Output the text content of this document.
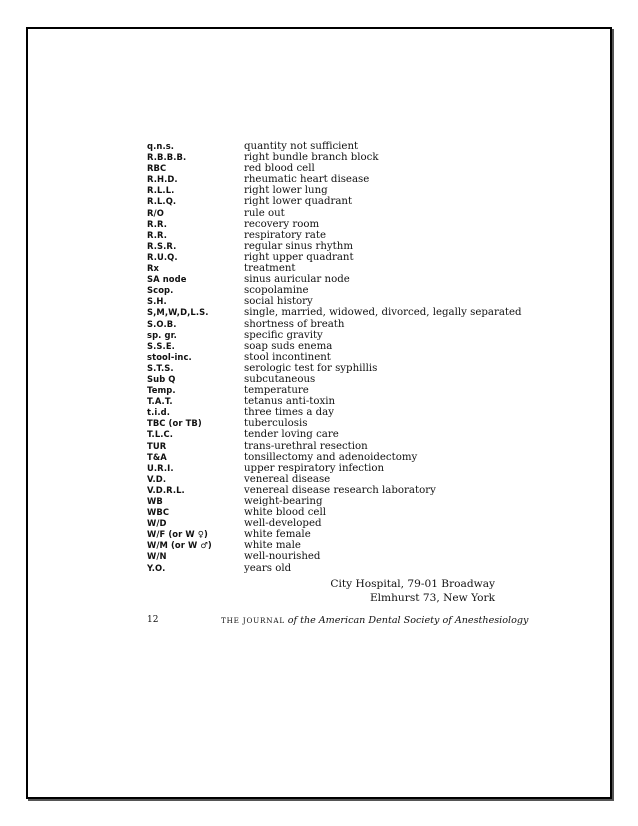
q.n.s.	quantity not sufficient
R.B.B.B.	right bundle branch block
RBC	red blood cell
R.H.D.	rheumatic heart disease
R.L.L.	right lower lung
R.L.Q.	right lower quadrant
R/O	rule out
R.R.	recovery room
R.R.	respiratory rate
R.S.R.	regular sinus rhythm
R.U.Q.	right upper quadrant
Rx	treatment
SA node	sinus auricular node
Scop.	scopolamine
S.H.	social history
S,M,W,D,L.S.	single, married, widowed, divorced, legally separated
S.O.B.	shortness of breath
sp. gr.	specific gravity
S.S.E.	soap suds enema
stool-inc.	stool incontinent
S.T.S.	serologic test for syphillis
Sub Q	subcutaneous
Temp.	temperature
T.A.T.	tetanus anti-toxin
t.i.d.	three times a day
TBC (or TB)	tuberculosis
T.L.C.	tender loving care
TUR	trans-urethral resection
T&A	tonsillectomy and adenoidectomy
U.R.I.	upper respiratory infection
V.D.	venereal disease
V.D.R.L.	venereal disease research laboratory
WB	weight-bearing
WBC	white blood cell
W/D	well-developed
W/F (or W ♀)	white female
W/M (or W ♂)	white male
W/N	well-nourished
Y.O.	years old
City Hospital, 79-01 Broadway
Elmhurst 73, New York
12	THE JOURNAL of the American Dental Society of Anesthesiology
